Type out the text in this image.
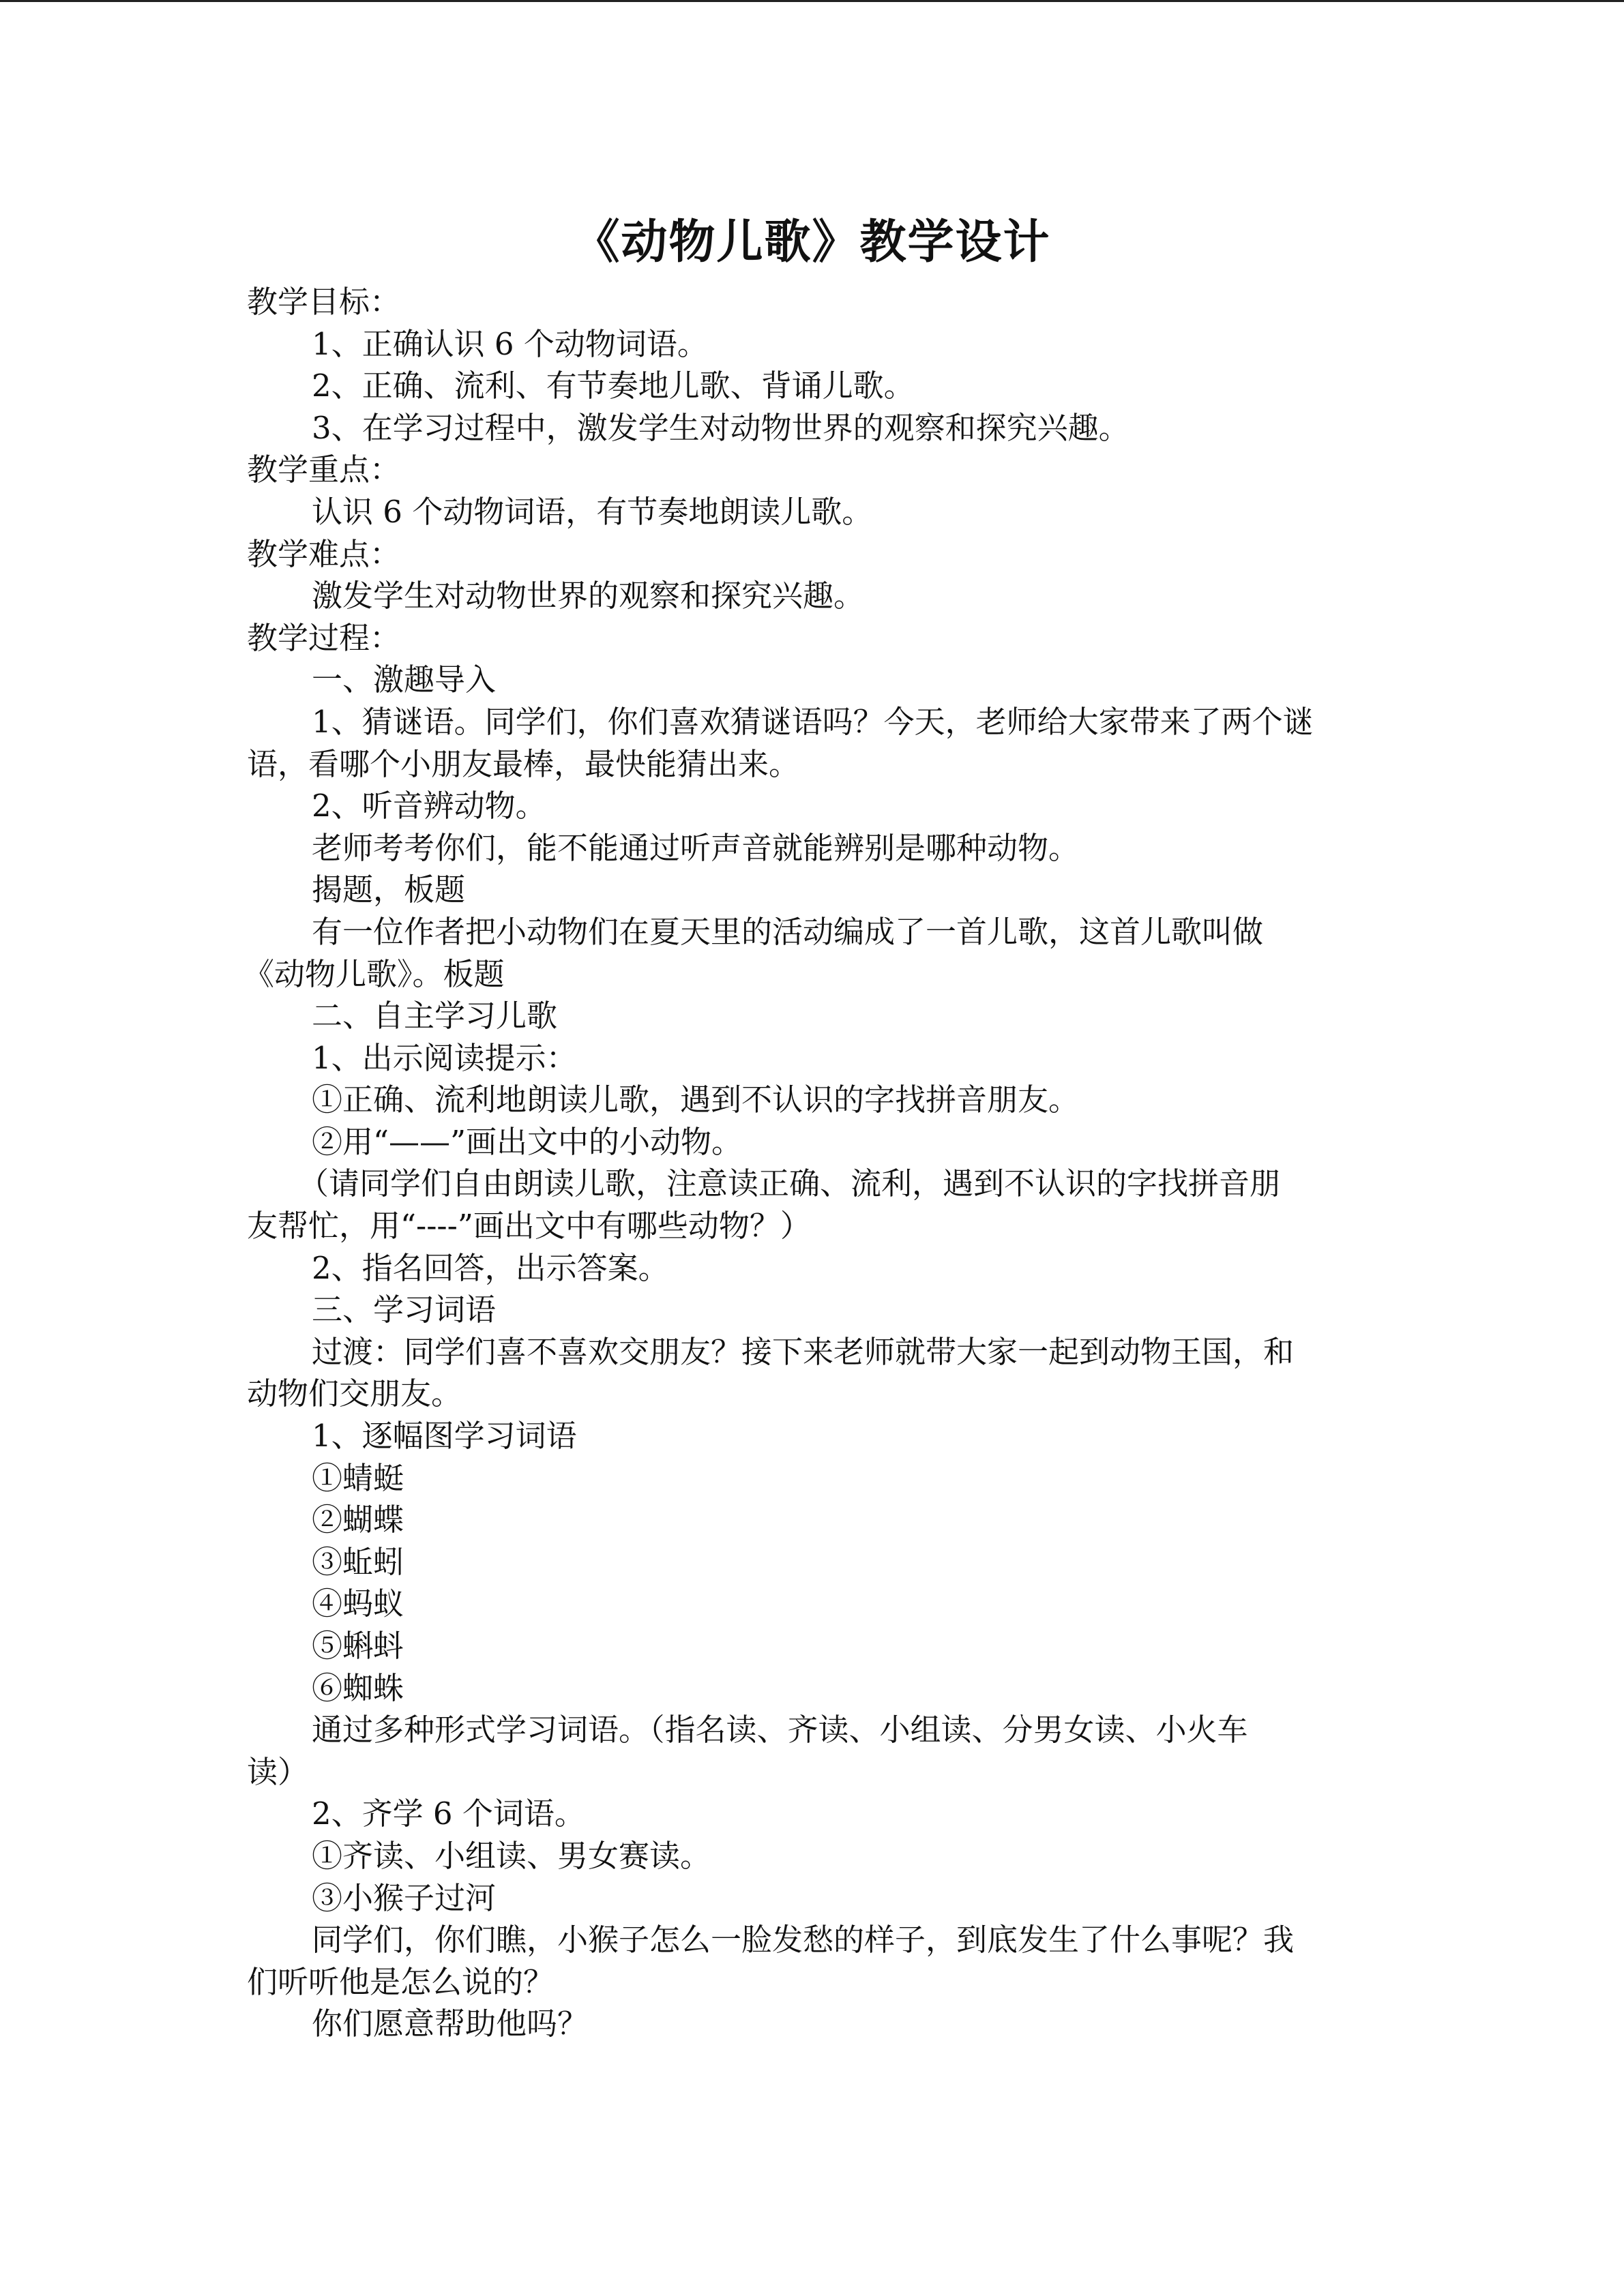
《动物儿歌》教学设计
教学目标：
1、正确认识 6 个动物词语。
2、正确、流利、有节奏地儿歌、背诵儿歌。
3、在学习过程中，激发学生对动物世界的观察和探究兴趣。
教学重点：
认识 6 个动物词语，有节奏地朗读儿歌。
教学难点：
激发学生对动物世界的观察和探究兴趣。
教学过程：
一、激趣导入
1、猜谜语。同学们，你们喜欢猜谜语吗？今天，老师给大家带来了两个谜
语，看哪个小朋友最棒，最快能猜出来。
2、听音辨动物。
老师考考你们，能不能通过听声音就能辨别是哪种动物。
揭题，板题
有一位作者把小动物们在夏天里的活动编成了一首儿歌，这首儿歌叫做
《动物儿歌》。板题
二、自主学习儿歌
1、出示阅读提示：
①正确、流利地朗读儿歌，遇到不认识的字找拼音朋友。
②用“——”画出文中的小动物。
（请同学们自由朗读儿歌，注意读正确、流利，遇到不认识的字找拼音朋
友帮忙，用“----”画出文中有哪些动物？）
2、指名回答，出示答案。
三、学习词语
过渡：同学们喜不喜欢交朋友？接下来老师就带大家一起到动物王国，和
动物们交朋友。
1、逐幅图学习词语
①蜻蜓
②蝴蝶
③蚯蚓
④蚂蚁
⑤蝌蚪
⑥蜘蛛
通过多种形式学习词语。（指名读、齐读、小组读、分男女读、小火车
读）
2、齐学 6 个词语。
①齐读、小组读、男女赛读。
③小猴子过河
同学们，你们瞧，小猴子怎么一脸发愁的样子，到底发生了什么事呢？我
们听听他是怎么说的？
你们愿意帮助他吗？
